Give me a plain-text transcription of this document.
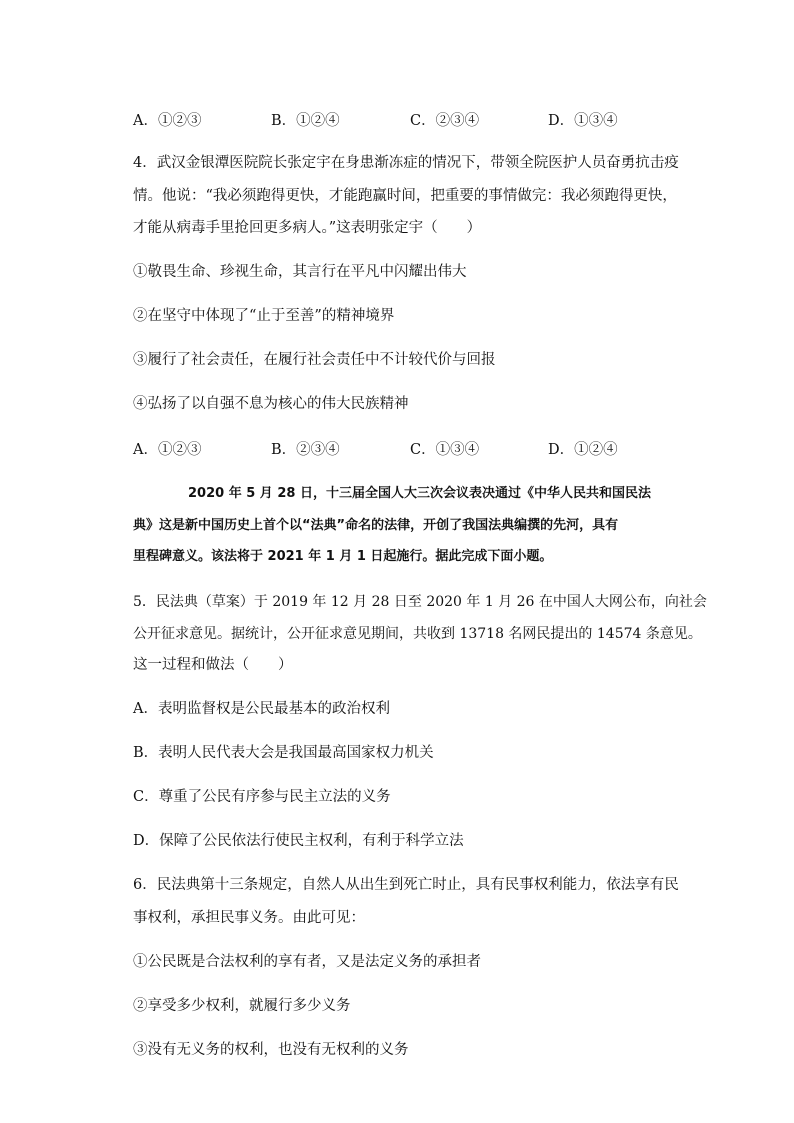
A．①②③	B．①②④	C．②③④	D．①③④
4．武汉金银潭医院院长张定宇在身患渐冻症的情况下，带领全院医护人员奋勇抗击疫
情。他说：“我必须跑得更快，才能跑赢时间，把重要的事情做完：我必须跑得更快，
才能从病毒手里抢回更多病人。”这表明张定宇（　　）
①敬畏生命、珍视生命，其言行在平凡中闪耀出伟大
②在坚守中体现了“止于至善”的精神境界
③履行了社会责任，在履行社会责任中不计较代价与回报
④弘扬了以自强不息为核心的伟大民族精神
A．①②③	B．②③④	C．①③④	D．①②④
2020 年 5 月 28 日，十三届全国人大三次会议表决通过《中华人民共和国民法
典》这是新中国历史上首个以“法典”命名的法律，开创了我国法典编撰的先河，具有
里程碑意义。该法将于 2021 年 1 月 1 日起施行。据此完成下面小题。
5．民法典（草案）于 2019 年 12 月 28 日至 2020 年 1 月 26 在中国人大网公布，向社会
公开征求意见。据统计，公开征求意见期间，共收到 13718 名网民提出的 14574 条意见。
这一过程和做法（　　）
A．表明监督权是公民最基本的政治权利
B．表明人民代表大会是我国最高国家权力机关
C．尊重了公民有序参与民主立法的义务
D．保障了公民依法行使民主权利，有利于科学立法
6．民法典第十三条规定，自然人从出生到死亡时止，具有民事权利能力，依法享有民
事权利，承担民事义务。由此可见：
①公民既是合法权利的享有者，又是法定义务的承担者
②享受多少权利，就履行多少义务
③没有无义务的权利，也没有无权利的义务
